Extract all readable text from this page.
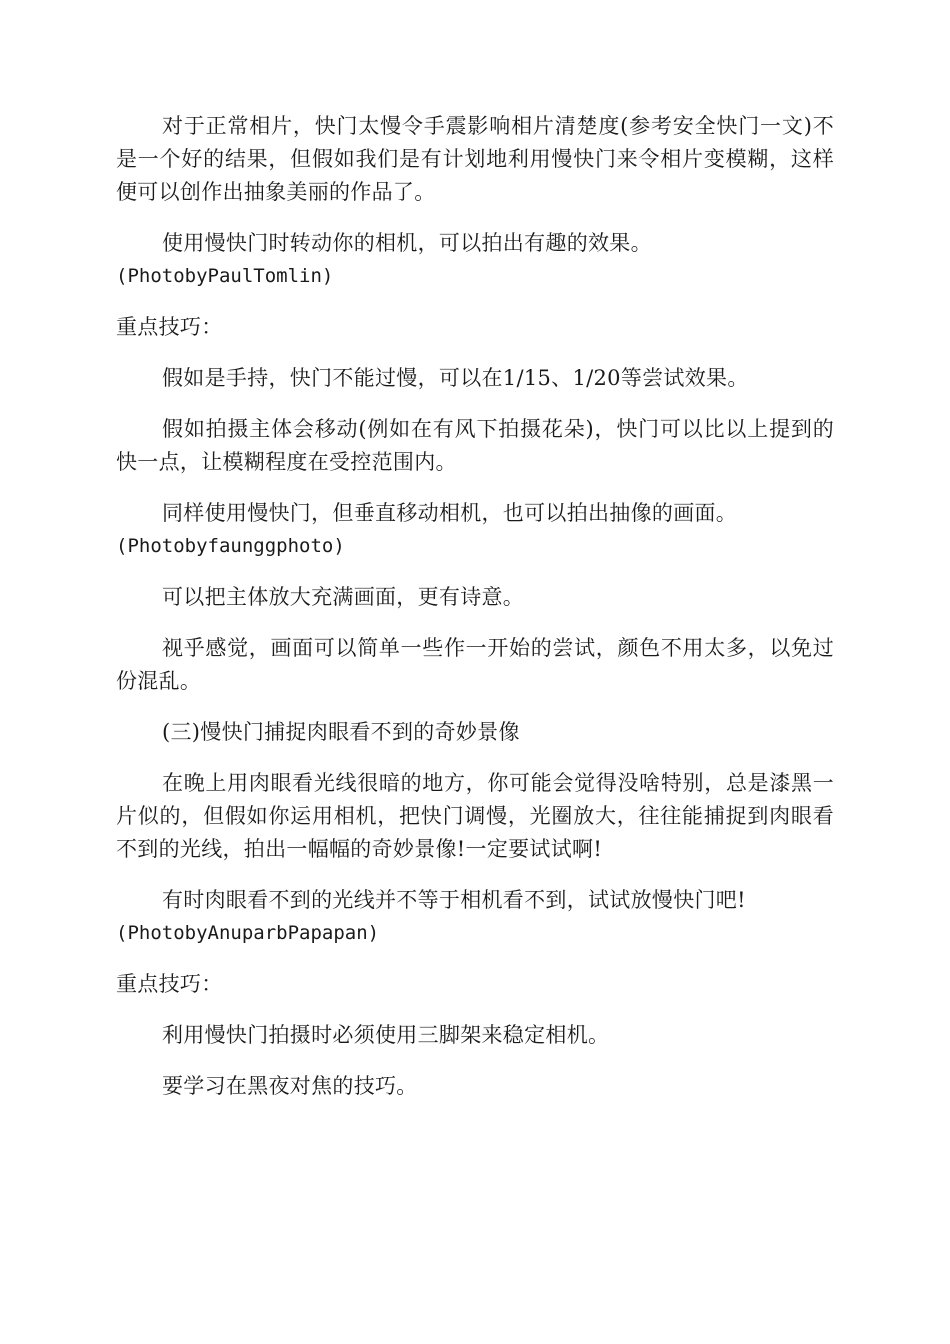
对于正常相片，快门太慢令手震影响相片清楚度(参考安全快门一文)不是一个好的结果，但假如我们是有计划地利用慢快门来令相片变模糊，这样便可以创作出抽象美丽的作品了。

使用慢快门时转动你的相机，可以拍出有趣的效果。
(PhotobyPaulTomlin)

重点技巧：

假如是手持，快门不能过慢，可以在1/15、1/20等尝试效果。

假如拍摄主体会移动(例如在有风下拍摄花朵)，快门可以比以上提到的快一点，让模糊程度在受控范围内。

同样使用慢快门，但垂直移动相机，也可以拍出抽像的画面。
(Photobyfaunggphoto)

可以把主体放大充满画面，更有诗意。

视乎感觉，画面可以简单一些作一开始的尝试，颜色不用太多，以免过份混乱。

(三)慢快门捕捉肉眼看不到的奇妙景像

在晚上用肉眼看光线很暗的地方，你可能会觉得没啥特别，总是漆黑一片似的，但假如你运用相机，把快门调慢，光圈放大，往往能捕捉到肉眼看不到的光线，拍出一幅幅的奇妙景像!一定要试试啊!

有时肉眼看不到的光线并不等于相机看不到，试试放慢快门吧!
(PhotobyAnuparbPapapan)

重点技巧：

利用慢快门拍摄时必须使用三脚架来稳定相机。

要学习在黑夜对焦的技巧。
